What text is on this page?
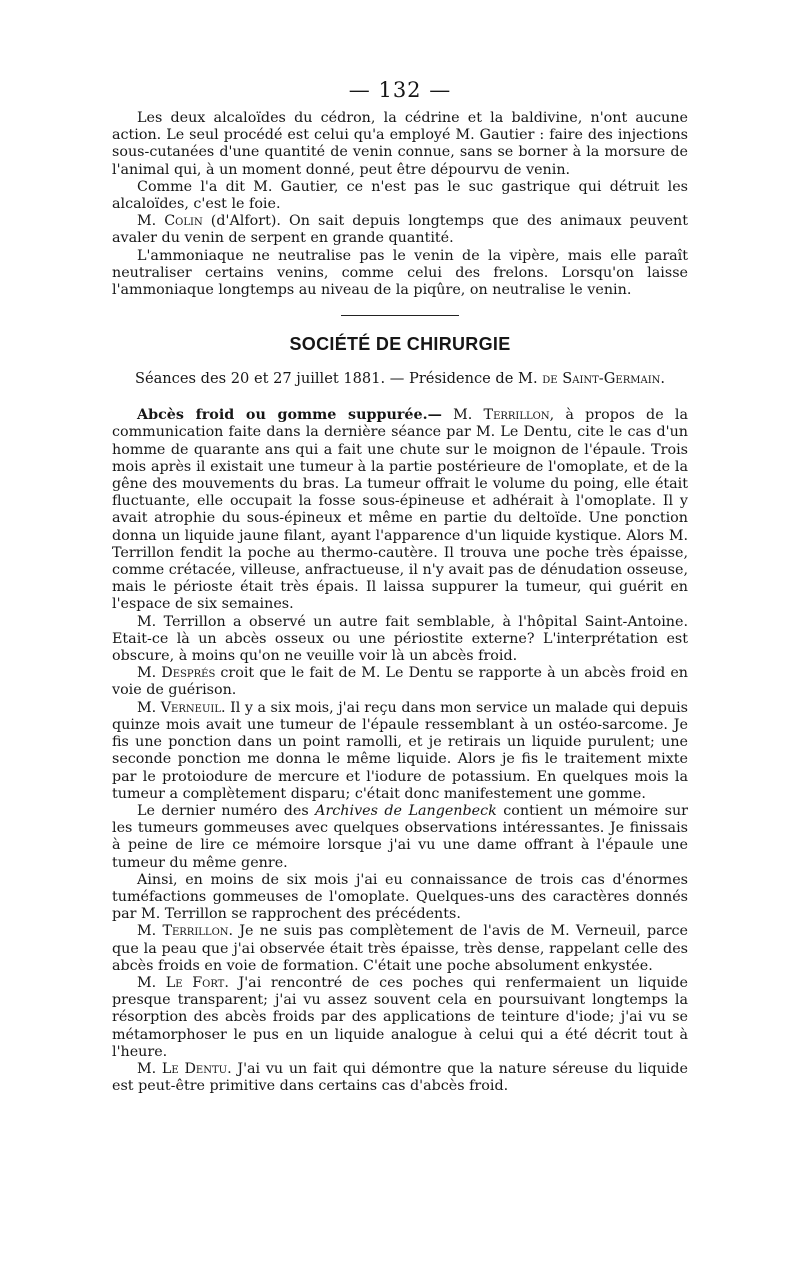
— 132 —

Les deux alcaloïdes du cédron, la cédrine et la baldivine, n'ont aucune action. Le seul procédé est celui qu'a employé M. Gautier : faire des injections sous-cutanées d'une quantité de venin connue, sans se borner à la morsure de l'animal qui, à un moment donné, peut être dépourvu de venin.

Comme l'a dit M. Gautier, ce n'est pas le suc gastrique qui détruit les alcaloïdes, c'est le foie.

M. Colin (d'Alfort). On sait depuis longtemps que des animaux peuvent avaler du venin de serpent en grande quantité.

L'ammoniaque ne neutralise pas le venin de la vipère, mais elle paraît neutraliser certains venins, comme celui des frelons. Lorsqu'on laisse l'ammoniaque longtemps au niveau de la piqûre, on neutralise le venin.

SOCIÉTÉ DE CHIRURGIE

Séances des 20 et 27 juillet 1881. — Présidence de M. de Saint-Germain.

Abcès froid ou gomme suppurée.— M. Terrillon, à propos de la communication faite dans la dernière séance par M. Le Dentu, cite le cas d'un homme de quarante ans qui a fait une chute sur le moignon de l'épaule. Trois mois après il existait une tumeur à la partie postérieure de l'omoplate, et de la gêne des mouvements du bras. La tumeur offrait le volume du poing, elle était fluctuante, elle occupait la fosse sous-épineuse et adhérait à l'omoplate. Il y avait atrophie du sous-épineux et même en partie du deltoïde. Une ponction donna un liquide jaune filant, ayant l'apparence d'un liquide kystique. Alors M. Terrillon fendit la poche au thermo-cautère. Il trouva une poche très épaisse, comme crétacée, villeuse, anfractueuse, il n'y avait pas de dénudation osseuse, mais le périoste était très épais. Il laissa suppurer la tumeur, qui guérit en l'espace de six semaines.

M. Terrillon a observé un autre fait semblable, à l'hôpital Saint-Antoine. Etait-ce là un abcès osseux ou une périostite externe? L'interprétation est obscure, à moins qu'on ne veuille voir là un abcès froid.

M. Després croit que le fait de M. Le Dentu se rapporte à un abcès froid en voie de guérison.

M. Verneuil. Il y a six mois, j'ai reçu dans mon service un malade qui depuis quinze mois avait une tumeur de l'épaule ressemblant à un ostéo-sarcome. Je fis une ponction dans un point ramolli, et je retirais un liquide purulent; une seconde ponction me donna le même liquide. Alors je fis le traitement mixte par le protoiodure de mercure et l'iodure de potassium. En quelques mois la tumeur a complètement disparu; c'était donc manifestement une gomme.

Le dernier numéro des Archives de Langenbeck contient un mémoire sur les tumeurs gommeuses avec quelques observations intéressantes. Je finissais à peine de lire ce mémoire lorsque j'ai vu une dame offrant à l'épaule une tumeur du même genre.

Ainsi, en moins de six mois j'ai eu connaissance de trois cas d'énormes tuméfactions gommeuses de l'omoplate. Quelques-uns des caractères donnés par M. Terrillon se rapprochent des précédents.

M. Terrillon. Je ne suis pas complètement de l'avis de M. Verneuil, parce que la peau que j'ai observée était très épaisse, très dense, rappelant celle des abcès froids en voie de formation. C'était une poche absolument enkystée.

M. Le Fort. J'ai rencontré de ces poches qui renfermaient un liquide presque transparent; j'ai vu assez souvent cela en poursuivant longtemps la résorption des abcès froids par des applications de teinture d'iode; j'ai vu se métamorphoser le pus en un liquide analogue à celui qui a été décrit tout à l'heure.

M. Le Dentu. J'ai vu un fait qui démontre que la nature séreuse du liquide est peut-être primitive dans certains cas d'abcès froid.
